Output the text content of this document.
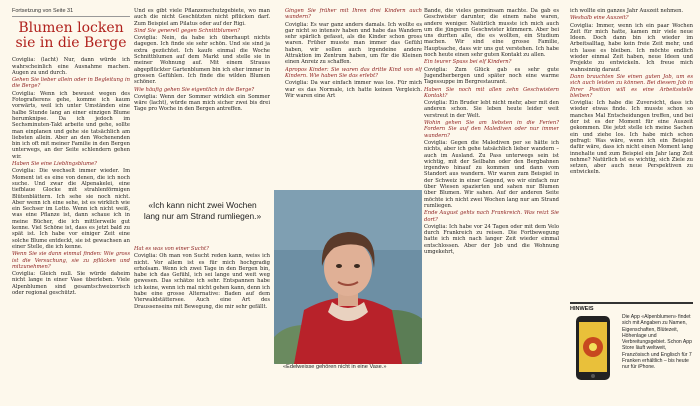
Fortsetzung von Seite 31
Blumen locken sie in die Berge

Coviglia: (lacht) Nur, dann würde ich wahrscheinlich eine Ausnahme machen. Augen zu und durch.

Gehen Sie lieber allein oder in Begleitung in die Berge?

Coviglia: Wenn ich bewusst wegen des Fotografierens gehe, komme ich kaum vorwärts, weil ich unter Umständen eine halbe Stunde lang an einer einzigen Blume herumknipse. Da ich jedoch im Sechsminuten-Takt arbeite und gehe, sollte man einplanen und gehe sie tatsächlich am liebsten allein. Aber an den Wochenenden bin ich oft mit meiner Familie in den Bergen unterwegs, an der Seite schlendern gehen wir.

Haben Sie eine Lieblingsblume?

Coviglia: Die wechselt immer wieder. Im Moment ist es eine von denen, die ich noch suche. Und zwar die Alpenakelei, eine tiefblaue Glocke mit strahlenförmigen Blütenblättern. Ich sehe sie noch nicht. Aber wenn ich eine sehe, ist es wirklich wie ein Sechser im Lotto. Wenn ich nicht weiß, was eine Pflanze ist, dann schaue ich in meine Bücher, die ich mittlerweile gut kenne. Viel Schöne ist, dass es jetzt bald zu spät ist. Ich habe vor einiger Zeit eine solche Blume entdeckt, sie ist gewachsen an einer Stelle, die ich kenne.

Wenn Sie sie dann einmal finden: Wie gross ist die Versuchung, sie zu pflücken und mitzunehmen?

Coviglia: Gleich null. Sie würde daheim nicht lange in einer Vase überleben. Viele Alpenblumen sind gesamtschweizerisch oder regional geschützt.

Und es gibt viele Pflanzenschutzgebiete, wo man auch die nicht Geschützten nicht pflücken darf. Zum Beispiel am Pilatus oder auf der Rigi.

Sind Sie generell gegen Schnittblumen?

Coviglia: Nein, da habe ich überhaupt nichts dagegen. Ich finde sie sehr schön. Und sie sind ja extra gezüchtet. Ich kaufe einmal die Woche Schnittblumen auf dem Markt und stelle sie in meiner Wohnung auf. Mit einem Strauss abgepflückter Gartenblumen bin ich eher immer in grossen Gefühlen. Ich finde die wilden Blumen schöner.

Wie häufig gehen Sie eigentlich in die Berge?

Coviglia: Wenn der Sommer wirklich ein Sommer wäre (lacht), würde man mich sicher zwei bis drei Tage pro Woche in den Bergen antreffen.

«Ich kann nicht zwei Wochen lang nur am Strand rumliegen.»

Hat es was von einer Sucht?

Coviglia: Oh man von Sucht reden kann, weiss ich nicht. Vor allem ist es für mich hochgradig erholsam. Wenn ich zwei Tage in den Bergen bin, habe ich das Gefühl, ich sei lange und weit weg gewesen. Das schätze ich sehr. Entspannen habe ich keine, wenn ich mal nicht gehen kann, denn ich habe eine grosse Alternative: Baden auf dem Vierwaldstättersee. Auch eine Art des Draussenseins mit Bewegung, die mir sehr gefällt.

Gingen Sie früher mit Ihren drei Kindern auch wandern?

Coviglia: Es war ganz anders damals. Ich wollte es gar nicht so intensiv haben und habe das Wandern sehr spärlich gefasst, als die Kinder schon gross waren. Früher musste man immer das Gefühl haben, wir sollen auch irgendeine andere Attraktion im Zentrum haben, um für die Kleinen einen Anreiz zu schaffen.

Apropos Kinder: Sie waren das dritte Kind von elf Kindern. Wie haben Sie das erlebt?

Coviglia: Da war einfach immer was los. Für mich war es das Normale, ich hatte keinen Vergleich. Wir waren eine Art

«Edelweisse gehören nicht in eine Vase.»

Bande, die vieles gemeinsam machte. Da gab es Geschwister darunter, die einem nahe waren, andere weniger. Natürlich musste ich mich auch um die jüngeren Geschwister kümmern. Aber bei uns durften alle, die es wollten, ein Studium machen. Wir sind eine grosse Familie, Hauptsache, dass wir uns gut verstehen. Ich habe noch heute einen sehr guten Kontakt zu allen.

Ein teurer Spass bei elf Kindern?

Coviglia: Zum Glück gab es sehr gute Jugendherbergen und später noch eine warme Tagessuppe im Bergrestaurant.

Haben Sie noch mit allen zehn Geschwistern Kontakt?

Coviglia: Ein Bruder lebt nicht mehr, aber mit den anderen schon. Sie leben heute leider weit verstreut in der Welt.

Wohin gehen Sie am liebsten in die Ferien? Fordern Sie auf den Malediven oder nur immer wandern?

Coviglia: Gegen die Malediven per se hätte ich nichts, aber ich gehe tatsächlich lieber wandern – auch im Ausland. Zu Pass unterwegs sein ist wichtig, mit der Seilbahn oder den Bergbahnen irgendwo hinauf zu kommen und dann vom Standort aus wandern. Wir waren zum Beispiel in der Schweiz in einer Gegend, wo wir einfach nur über Wiesen spazierten und sahen nur Blumen über Blumen. Wir sahen. Auf der anderen Seite möchte ich nicht zwei Wochen lang nur am Strand rumliegen.

Ende August gehts nach Frankreich. Was reizt Sie dort?

Coviglia: Ich habe vor 24 Tagen oder mit dem Velo durch Frankreich zu reisen. Die Fortbewegung hatte ich mich nach langer Zeit wieder einmal entschlossen. Aber der Job und die Wohnung umgekehrt,

ich wollte ein ganzes Jahr Auszeit nehmen.

Weshalb eine Auszeit?

Coviglia: Immer, wenn ich ein paar Wochen Zeit für mich hatte, kamen mir viele neue Ideen. Doch dann bin ich wieder im Arbeitsalltag, habe kein freie Zeit mehr, und ich lasse es bleiben. Ich möchte endlich wieder einmal Zeit haben, neue Ideen und Projekte zu entwickeln. Ich freue mich wahnsinnig darauf.

Dann brauchten Sie einen guten Job, um es sich auch leisten zu können. Bei diesem Job in Ihrer Position will es eine Arbeitsstelle bleiben?

Coviglia: Ich habe die Zuversicht, dass ich wieder etwas finde. Ich musste schon so manches Mal Entscheidungen treffen, und bei der ist es der Moment für eine Auszeit gekommen. Die jetzt stelle ich meine Sachen ein und ziehe los. Ich habe mich schon gefragt: Was wäre, wenn ich ein Beispiel dafür wäre, dass ich nicht einen Moment lang innehalte und zum Beispiel ein Jahr lang Zeit nehme? Natürlich ist es wichtig, sich Ziele zu setzen, aber auch neue Perspektiven zu entwickeln.

HINWEIS
Die App «Alpenblumen» findet sich mit Angaben zu Namen, Eigenschaften, Blütezeit, Höhenlage und Verbreitungsgebiet. Schon App Store läuft weltweit, Französisch und Englisch für 7 Franken erhältlich – bis heute nur für iPhone.
